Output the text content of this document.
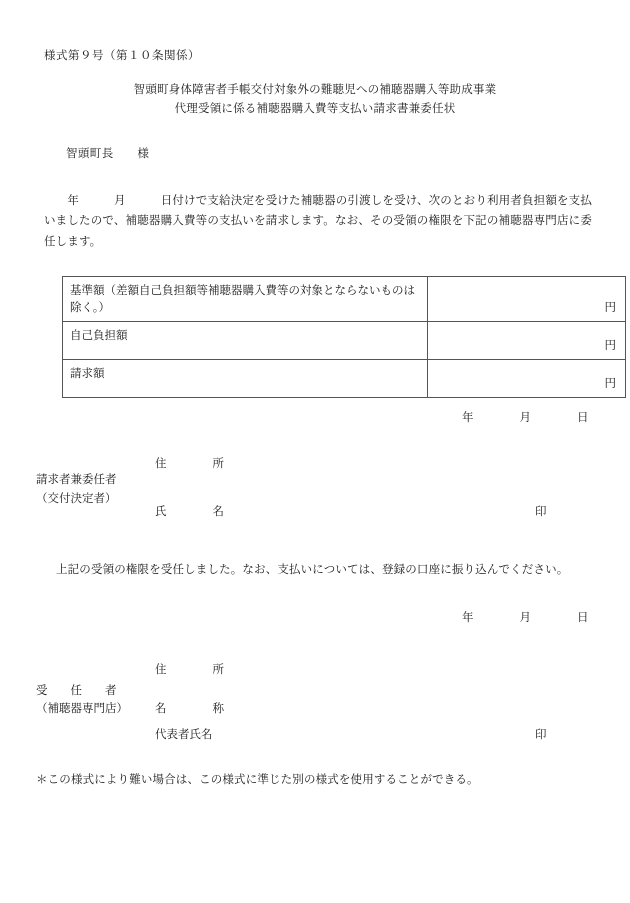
様式第９号（第１０条関係）
智頭町身体障害者手帳交付対象外の難聴児への補聴器購入等助成事業
代理受領に係る補聴器購入費等支払い請求書兼委任状
智頭町長　　様
　　年　　　月　　　日付けで支給決定を受けた補聴器の引渡しを受け、次のとおり利用者負担額を支払いましたので、補聴器購入費等の支払いを請求します。なお、その受領の権限を下記の補聴器専門店に委任します。
基準額（差額自己負担額等補聴器購入費等の対象とならないものは除く。）	円
自己負担額	円
請求額	円
年　　　　月　　　　日
請求者兼委任者
（交付決定者）
住　　　　所
氏　　　　名	印
上記の受領の権限を受任しました。なお、支払いについては、登録の口座に振り込んでください。
年　　　　月　　　　日
受　　任　　者
（補聴器専門店）
住　　　　所
名　　　　称
代表者氏名	印
＊この様式により難い場合は、この様式に準じた別の様式を使用することができる。
